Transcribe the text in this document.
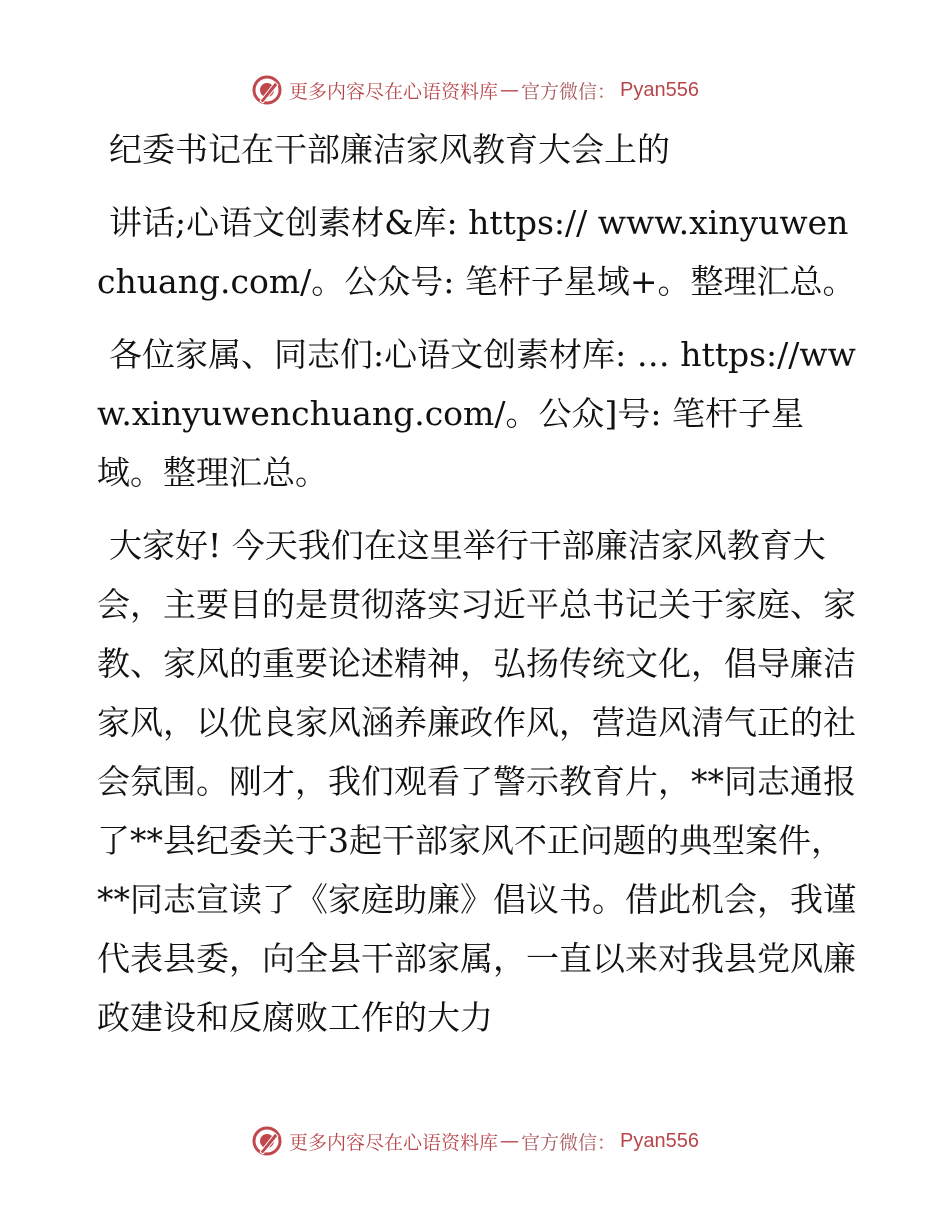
更多内容尽在心语资料库 — 官方微信： Pyan556

纪委书记在干部廉洁家风教育大会上的

讲话;心语文创素材&库: https:// www.xinyuwenchuang.com/。公众号: 笔杆子星域+。整理汇总。

各位家属、同志们:心语文创素材库: … https://www.xinyuwenchuang.com/。公众]号: 笔杆子星域。整理汇总。

大家好! 今天我们在这里举行干部廉洁家风教育大会，主要目的是贯彻落实习近平总书记关于家庭、家教、家风的重要论述精神，弘扬传统文化，倡导廉洁家风，以优良家风涵养廉政作风，营造风清气正的社会氛围。刚才，我们观看了警示教育片，**同志通报了**县纪委关于3起干部家风不正问题的典型案件，**同志宣读了《家庭助廉》倡议书。借此机会，我谨代表县委，向全县干部家属，一直以来对我县党风廉政建设和反腐败工作的大力

更多内容尽在心语资料库 — 官方微信： Pyan556
